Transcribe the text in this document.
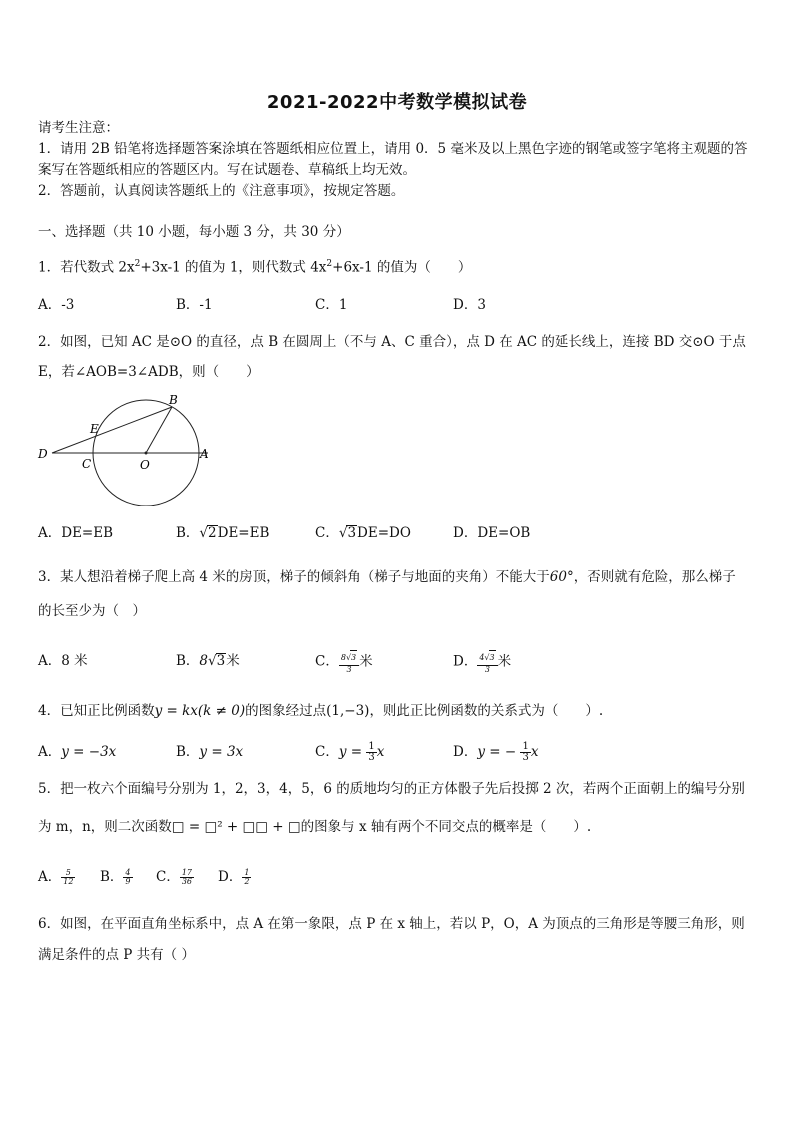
2021-2022中考数学模拟试卷
请考生注意：
1．请用 2B 铅笔将选择题答案涂填在答题纸相应位置上，请用 0．5 毫米及以上黑色字迹的钢笔或签字笔将主观题的答
案写在答题纸相应的答题区内。写在试题卷、草稿纸上均无效。
2．答题前，认真阅读答题纸上的《注意事项》，按规定答题。
一、选择题（共 10 小题，每小题 3 分，共 30 分）
1．若代数式 $2x^2+3x-1$ 的值为 1，则代数式 $4x^2+6x-1$ 的值为（　　）
A．-3	B．-1	C．1	D．3
2．如图，已知 AC 是⊙O 的直径，点 B 在圆周上（不与 A、C 重合），点 D 在 AC 的延长线上，连接 BD 交⊙O 于点
E，若∠AOB=3∠ADB，则（　　）
B
E
D
C	O
A
A．DE=EB	B．√2DE=EB	C．√3DE=DO	D．DE=OB
3．某人想沿着梯子爬上高 4 米的房顶，梯子的倾斜角（梯子与地面的夹角）不能大于60°，否则就有危险，那么梯子
的长至少为（　）
A．8 米	B．8√3米	C． $\frac{8√3}{3}$ 米	D． $\frac{4√3}{3}$ 米
4．已知正比例函数y = kx(k ≠ 0)的图象经过点(1,−3)，则此正比例函数的关系式为（　　）.
A．y = −3x	B．y = 3x	C．$y = \frac{1}{3}$ x	D．y = − $\frac{1}{3}$ x
5．把一枚六个面编号分别为 1，2，3，4，5，6 的质地均匀的正方体骰子先后投掷 2 次，若两个正面朝上的编号分别
为 m，n，则二次函数□ = □² + □□ + □的图象与 x 轴有两个不同交点的概率是（　　）.
A． $\frac{5}{12}$ B． $\frac{4}{9}$ C． $\frac{17}{36}$ D． $\frac{1}{2}$
6．如图，在平面直角坐标系中，点 A 在第一象限，点 P 在 x 轴上，若以 P，O，A 为顶点的三角形是等腰三角形，则
满足条件的点 P 共有（ ）
